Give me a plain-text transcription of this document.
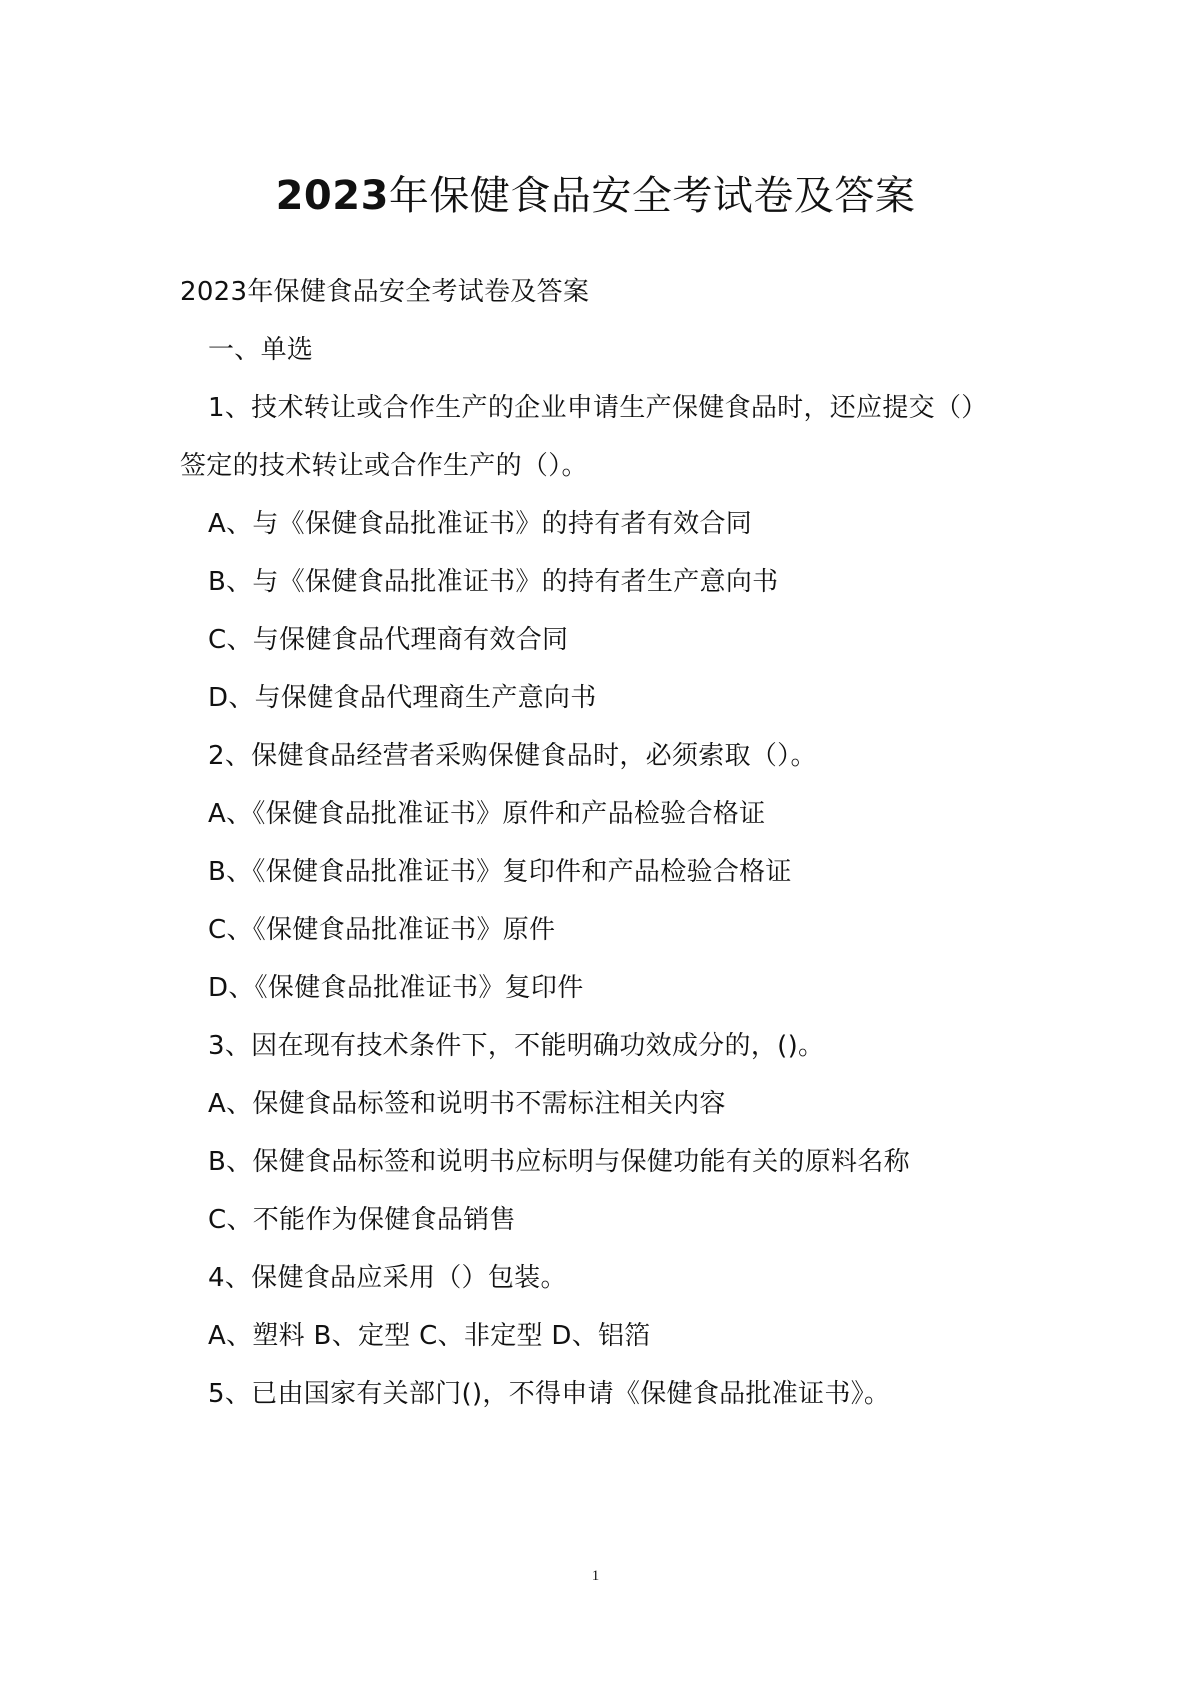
2023年保健食品安全考试卷及答案

2023年保健食品安全考试卷及答案

一、单选

1、技术转让或合作生产的企业申请生产保健食品时，还应提交（）

签定的技术转让或合作生产的（）。

A、与《保健食品批准证书》的持有者有效合同

B、与《保健食品批准证书》的持有者生产意向书

C、与保健食品代理商有效合同

D、与保健食品代理商生产意向书

2、保健食品经营者采购保健食品时，必须索取（）。

A、《保健食品批准证书》原件和产品检验合格证

B、《保健食品批准证书》复印件和产品检验合格证

C、《保健食品批准证书》原件

D、《保健食品批准证书》复印件

3、因在现有技术条件下，不能明确功效成分的，()。

A、保健食品标签和说明书不需标注相关内容

B、保健食品标签和说明书应标明与保健功能有关的原料名称

C、不能作为保健食品销售

4、保健食品应采用（）包装。

A、塑料 B、定型 C、非定型 D、铝箔

5、已由国家有关部门()，不得申请《保健食品批准证书》。

1
